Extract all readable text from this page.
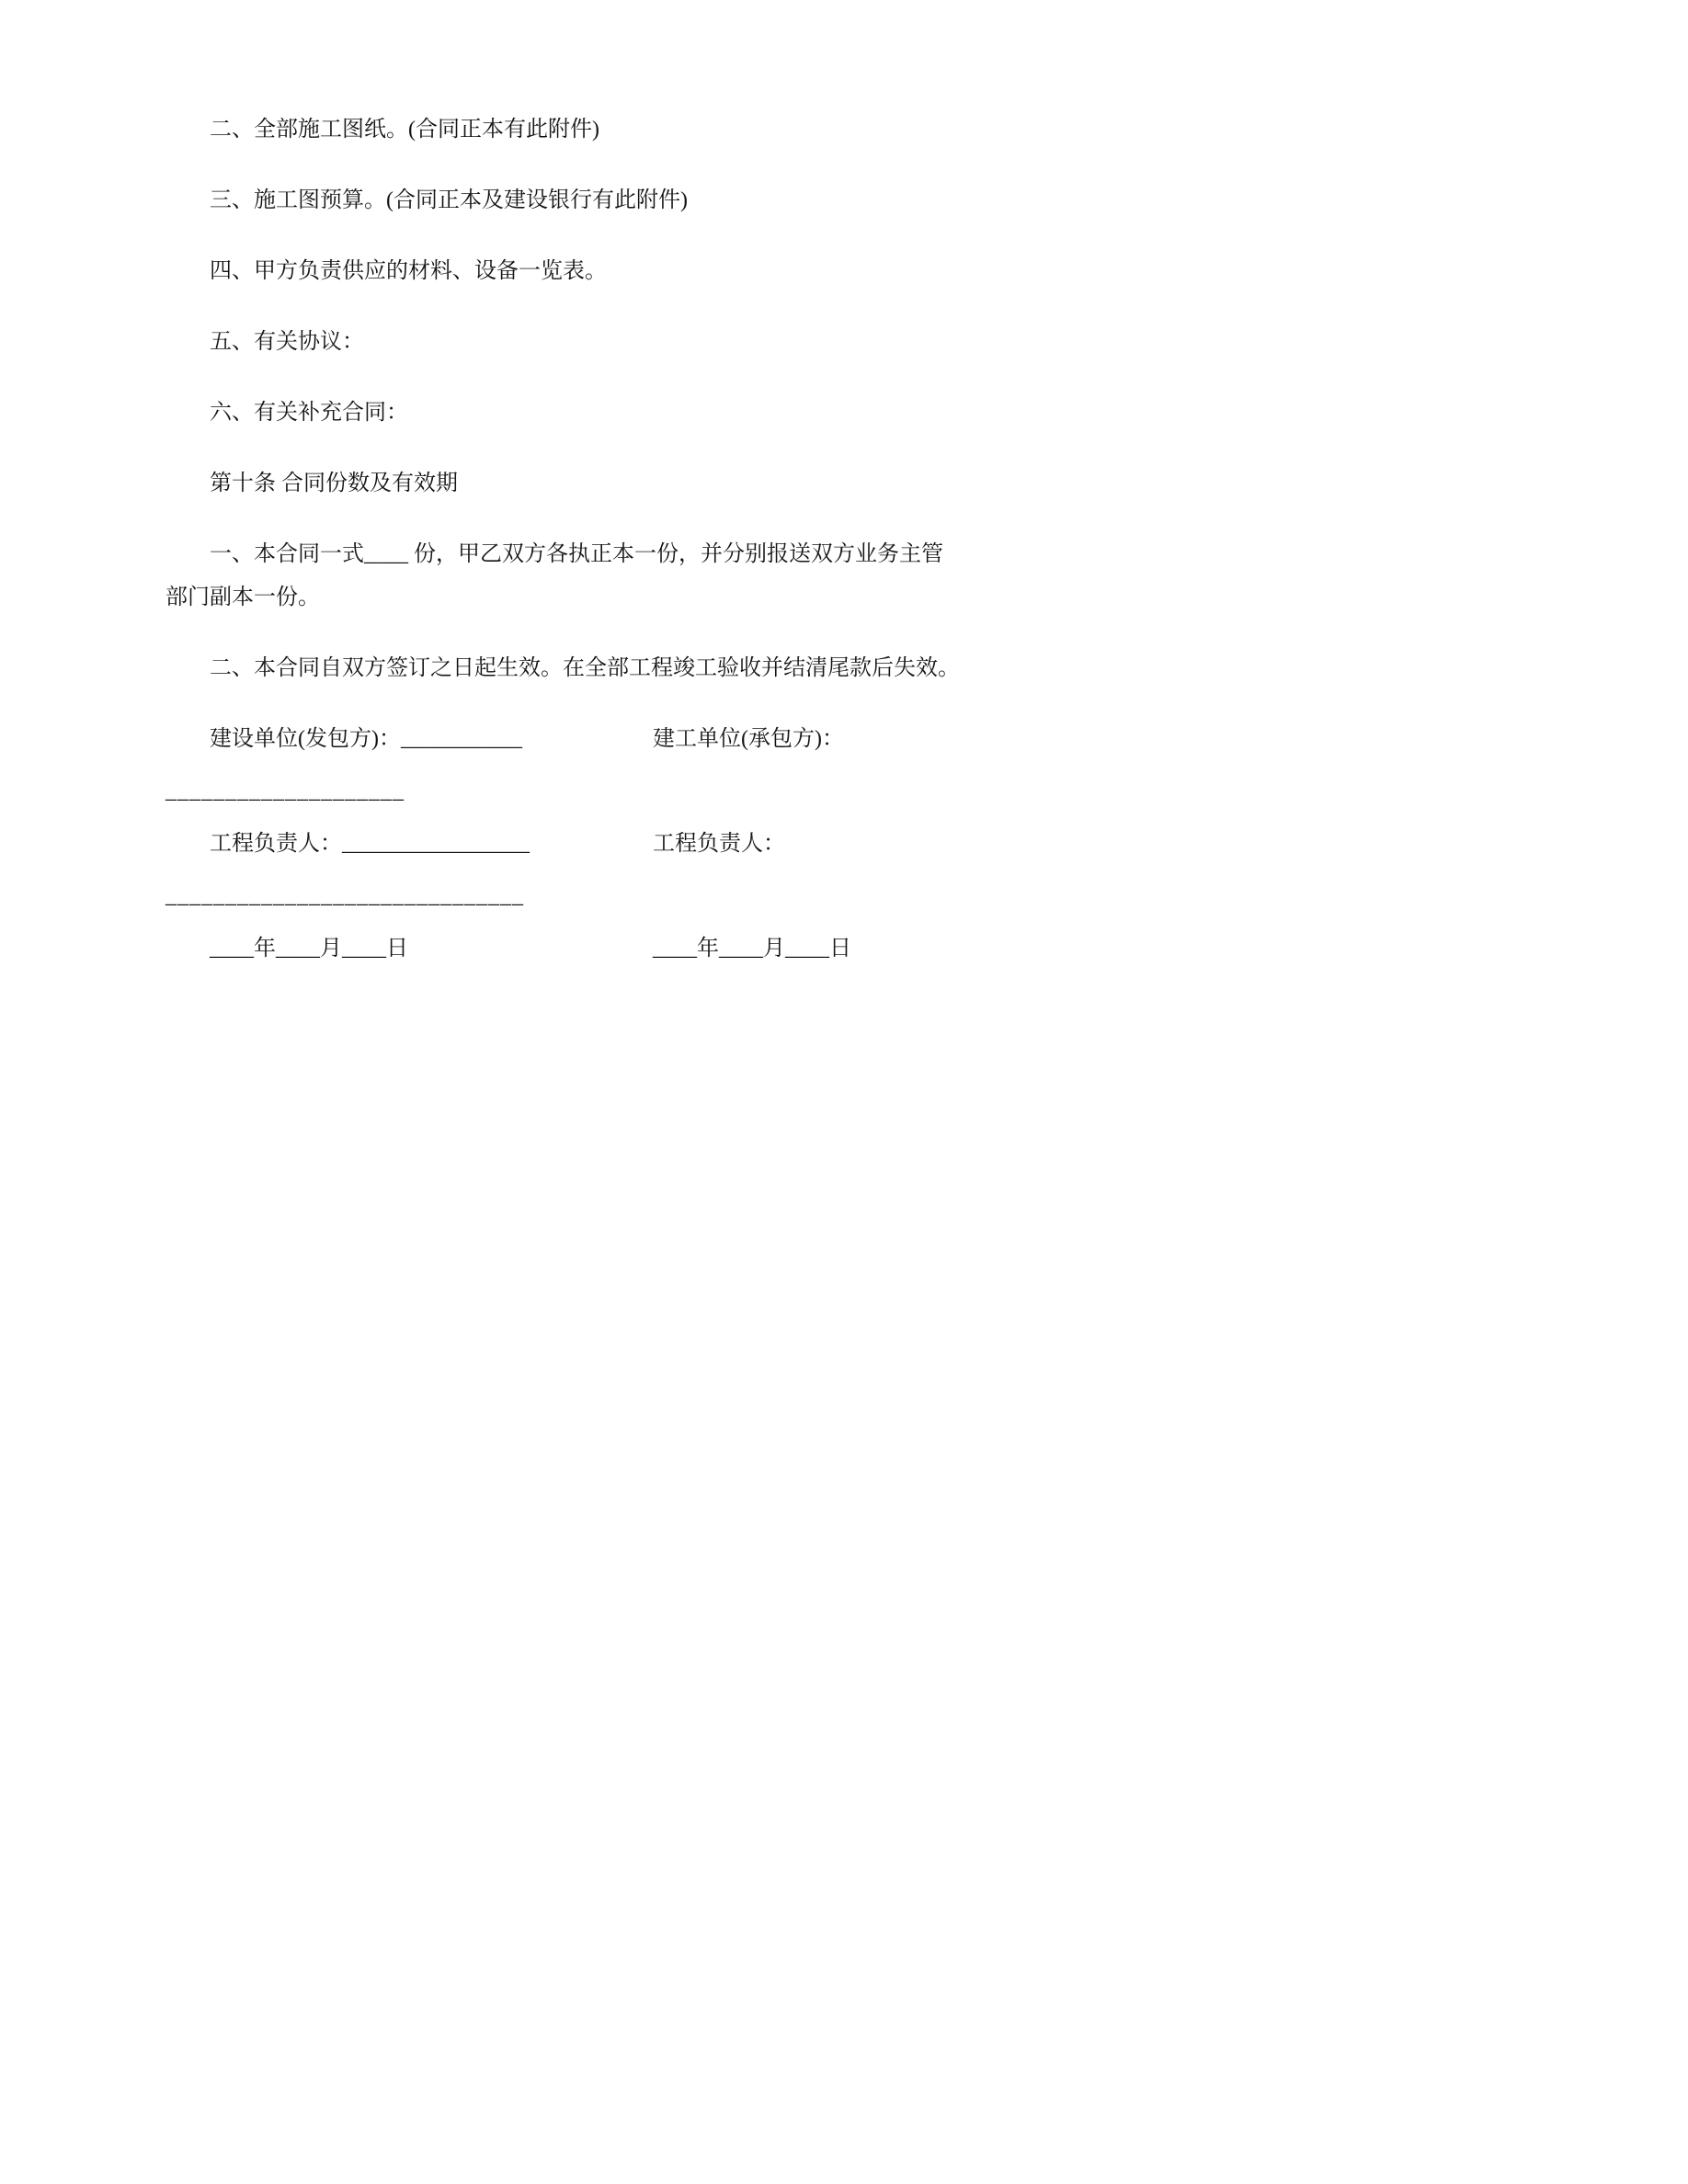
二、全部施工图纸。(合同正本有此附件)

三、施工图预算。(合同正本及建设银行有此附件)

四、甲方负责供应的材料、设备一览表。

五、有关协议：

六、有关补充合同：

第十条 合同份数及有效期

一、本合同一式____ 份，甲乙双方各执正本一份，并分别报送双方业务主管
部门副本一份。

二、本合同自双方签订之日起生效。在全部工程竣工验收并结清尾款后失效。

建设单位(发包方)：___________	建工单位(承包方)：
____________________
工程负责人：_________________	工程负责人：
______________________________
____年____月____日	____年____月____日
